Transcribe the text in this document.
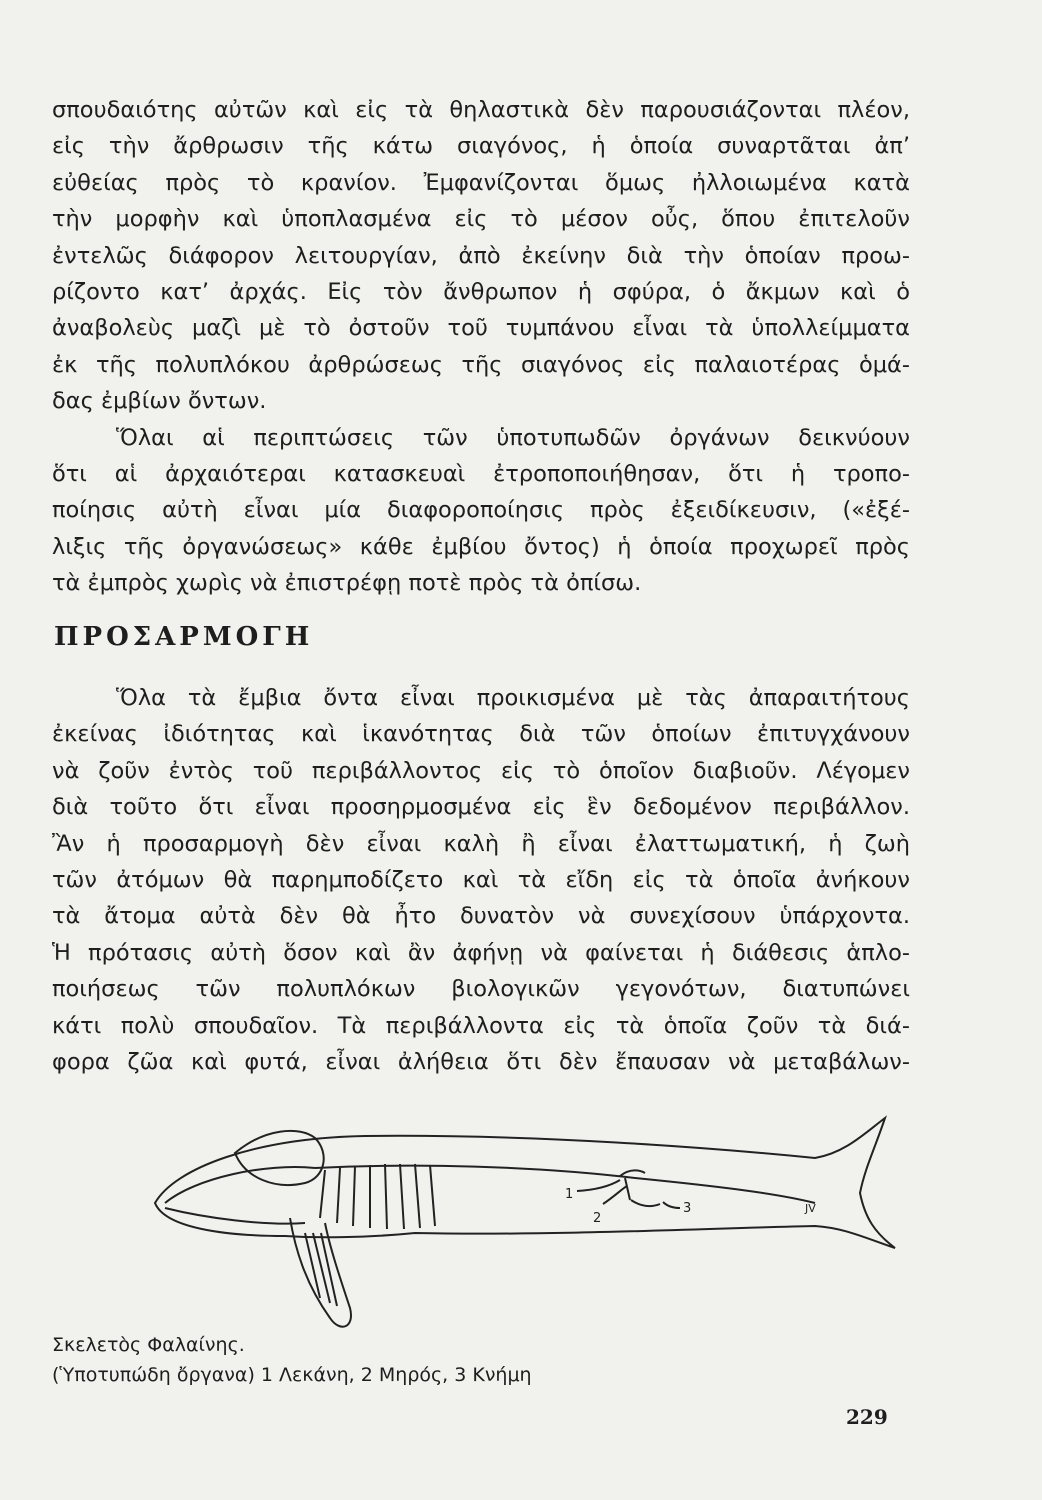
σπουδαιότης αὐτῶν καὶ εἰς τὰ θηλαστικὰ δὲν παρουσιάζονται πλέον,
εἰς τὴν ἄρθρωσιν τῆς κάτω σιαγόνος, ἡ ὁποία συναρτᾶται ἀπ’
εὐθείας πρὸς τὸ κρανίον. Ἐμφανίζονται ὅμως ἠλλοιωμένα κατὰ
τὴν μορφὴν καὶ ὑποπλασμένα εἰς τὸ μέσον οὖς, ὅπου ἐπιτελοῦν
ἐντελῶς διάφορον λειτουργίαν, ἀπὸ ἐκείνην διὰ τὴν ὁποίαν προω-
ρίζοντο κατ’ ἀρχάς. Εἰς τὸν ἄνθρωπον ἡ σφύρα, ὁ ἄκμων καὶ ὁ
ἀναβολεὺς μαζὶ μὲ τὸ ὀστοῦν τοῦ τυμπάνου εἶναι τὰ ὑπολλείμματα
ἐκ τῆς πολυπλόκου ἀρθρώσεως τῆς σιαγόνος εἰς παλαιοτέρας ὁμά-
δας ἐμβίων ὄντων.
Ὅλαι αἱ περιπτώσεις τῶν ὑποτυπωδῶν ὀργάνων δεικνύουν
ὅτι αἱ ἀρχαιότεραι κατασκευαὶ ἐτροποποιήθησαν, ὅτι ἡ τροπο-
ποίησις αὐτὴ εἶναι μία διαφοροποίησις πρὸς ἐξειδίκευσιν, («ἐξέ-
λιξις τῆς ὀργανώσεως» κάθε ἐμβίου ὄντος) ἡ ὁποία προχωρεῖ πρὸς
τὰ ἐμπρὸς χωρὶς νὰ ἐπιστρέφῃ ποτὲ πρὸς τὰ ὀπίσω.
ΠΡΟΣΑΡΜΟΓΗ
Ὅλα τὰ ἔμβια ὄντα εἶναι προικισμένα μὲ τὰς ἀπαραιτήτους
ἐκείνας ἰδιότητας καὶ ἱκανότητας διὰ τῶν ὁποίων ἐπιτυγχάνουν
νὰ ζοῦν ἐντὸς τοῦ περιβάλλοντος εἰς τὸ ὁποῖον διαβιοῦν. Λέγομεν
διὰ τοῦτο ὅτι εἶναι προσηρμοσμένα εἰς ἓν δεδομένον περιβάλλον.
Ἂν ἡ προσαρμογὴ δὲν εἶναι καλὴ ἢ εἶναι ἐλαττωματική, ἡ ζωὴ
τῶν ἀτόμων θὰ παρημποδίζετο καὶ τὰ εἴδη εἰς τὰ ὁποῖα ἀνήκουν
τὰ ἄτομα αὐτὰ δὲν θὰ ἦτο δυνατὸν νὰ συνεχίσουν ὑπάρχοντα.
Ἡ πρότασις αὐτὴ ὅσον καὶ ἂν ἀφήνῃ νὰ φαίνεται ἡ διάθεσις ἁπλο-
ποιήσεως τῶν πολυπλόκων βιολογικῶν γεγονότων, διατυπώνει
κάτι πολὺ σπουδαῖον. Τὰ περιβάλλοντα εἰς τὰ ὁποῖα ζοῦν τὰ διά-
φορα ζῶα καὶ φυτά, εἶναι ἀλήθεια ὅτι δὲν ἔπαυσαν νὰ μεταβάλων-
1
2
3	JV
Σκελετὸς Φαλαίνης.
(Ὑποτυπώδη ὄργανα) 1 Λεκάνη, 2 Μηρός, 3 Κνήμη
229
